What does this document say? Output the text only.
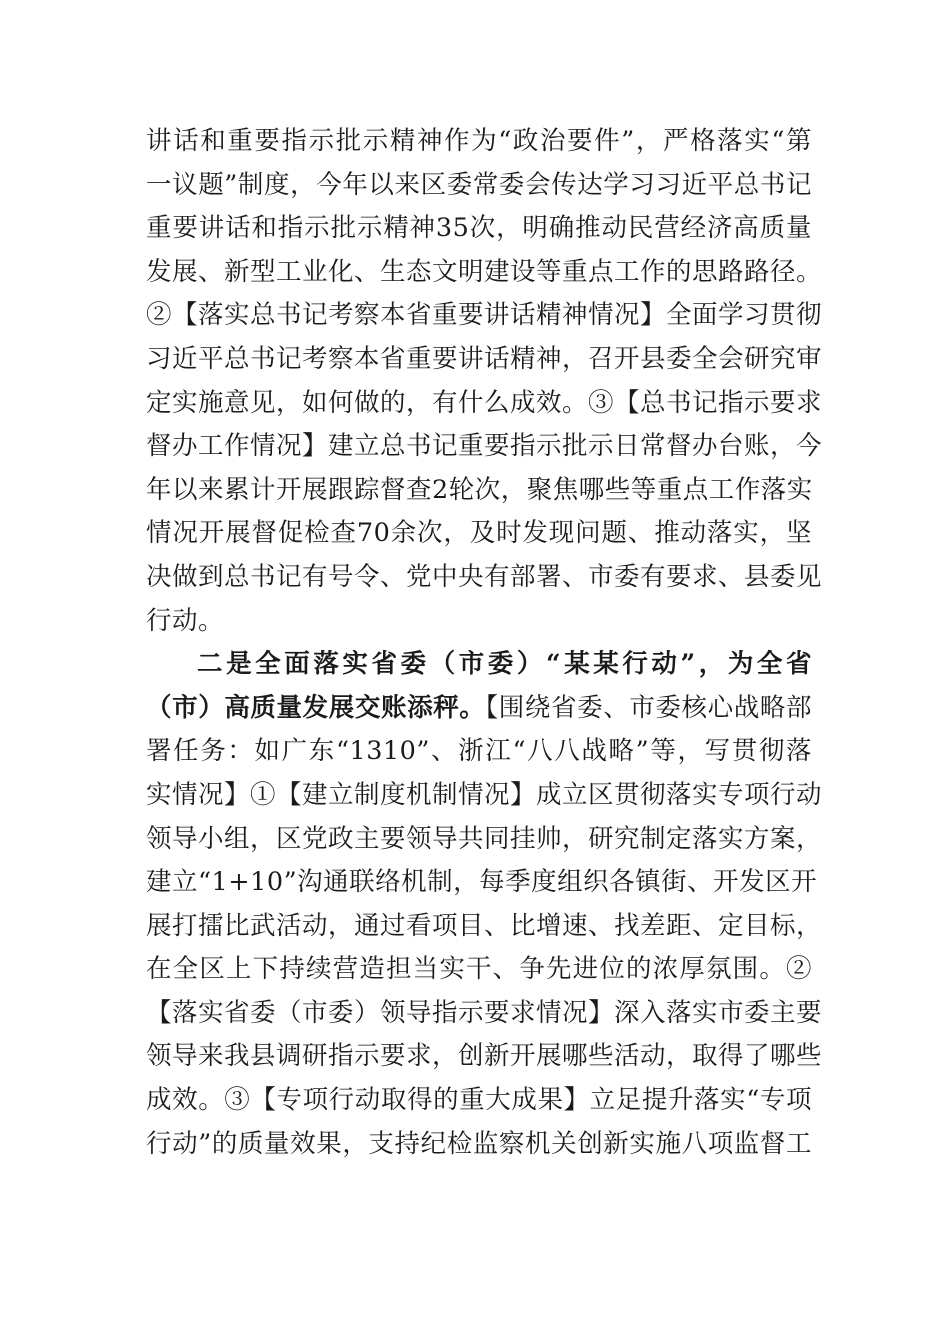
讲话和重要指示批示精神作为“政治要件”，严格落实“第
一议题”制度，今年以来区委常委会传达学习习近平总书记
重要讲话和指示批示精神35次，明确推动民营经济高质量
发展、新型工业化、生态文明建设等重点工作的思路路径。
②【落实总书记考察本省重要讲话精神情况】全面学习贯彻
习近平总书记考察本省重要讲话精神，召开县委全会研究审
定实施意见，如何做的，有什么成效。③【总书记指示要求
督办工作情况】建立总书记重要指示批示日常督办台账，今
年以来累计开展跟踪督查2轮次，聚焦哪些等重点工作落实
情况开展督促检查70余次，及时发现问题、推动落实，坚
决做到总书记有号令、党中央有部署、市委有要求、县委见
行动。
二是全面落实省委（市委）“某某行动”，为全省
（市）高质量发展交账添秤。【围绕省委、市委核心战略部
署任务：如广东“1310”、浙江“八八战略”等，写贯彻落
实情况】①【建立制度机制情况】成立区贯彻落实专项行动
领导小组，区党政主要领导共同挂帅，研究制定落实方案，
建立“1+10”沟通联络机制，每季度组织各镇街、开发区开
展打擂比武活动，通过看项目、比增速、找差距、定目标，
在全区上下持续营造担当实干、争先进位的浓厚氛围。②
【落实省委（市委）领导指示要求情况】深入落实市委主要
领导来我县调研指示要求，创新开展哪些活动，取得了哪些
成效。③【专项行动取得的重大成果】立足提升落实“专项
行动”的质量效果，支持纪检监察机关创新实施八项监督工
